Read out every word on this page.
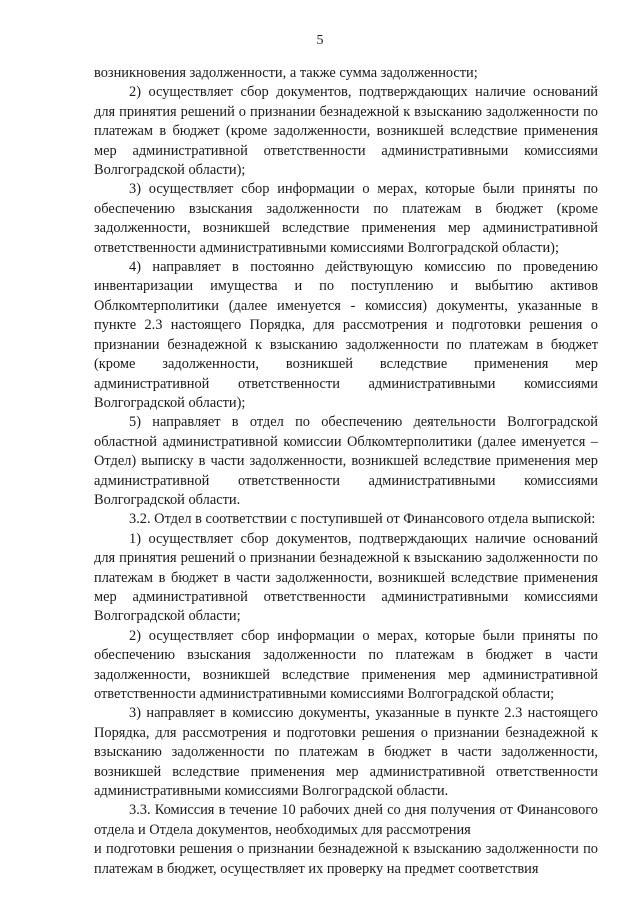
5

возникновения задолженности, а также сумма задолженности;

2) осуществляет сбор документов, подтверждающих наличие оснований для принятия решений о признании безнадежной к взысканию задолженности по платежам в бюджет (кроме задолженности, возникшей вследствие применения мер административной ответственности административными комиссиями Волгоградской области);

3) осуществляет сбор информации о мерах, которые были приняты по обеспечению взыскания задолженности по платежам в бюджет (кроме задолженности, возникшей вследствие применения мер административной ответственности административными комиссиями Волгоградской области);

4) направляет в постоянно действующую комиссию по проведению инвентаризации имущества и по поступлению и выбытию активов Облкомтерполитики (далее именуется - комиссия) документы, указанные в пункте 2.3 настоящего Порядка, для рассмотрения и подготовки решения о признании безнадежной к взысканию задолженности по платежам в бюджет (кроме задолженности, возникшей вследствие применения мер административной ответственности административными комиссиями Волгоградской области);

5) направляет в отдел по обеспечению деятельности Волгоградской областной административной комиссии Облкомтерполитики (далее именуется – Отдел) выписку в части задолженности, возникшей вследствие применения мер административной ответственности административными комиссиями Волгоградской области.

3.2. Отдел в соответствии с поступившей от Финансового отдела выпиской:

1) осуществляет сбор документов, подтверждающих наличие оснований для принятия решений о признании безнадежной к взысканию задолженности по платежам в бюджет в части задолженности, возникшей вследствие применения мер административной ответственности административными комиссиями Волгоградской области;

2) осуществляет сбор информации о мерах, которые были приняты по обеспечению взыскания задолженности по платежам в бюджет в части задолженности, возникшей вследствие применения мер административной ответственности административными комиссиями Волгоградской области;

3) направляет в комиссию документы, указанные в пункте 2.3 настоящего Порядка, для рассмотрения и подготовки решения о признании безнадежной к взысканию задолженности по платежам в бюджет в части задолженности, возникшей вследствие применения мер административной ответственности административными комиссиями Волгоградской области.

3.3. Комиссия в течение 10 рабочих дней со дня получения от Финансового отдела и Отдела документов, необходимых для рассмотрения

и подготовки решения о признании безнадежной к взысканию задолженности по платежам в бюджет, осуществляет их проверку на предмет соответствия
